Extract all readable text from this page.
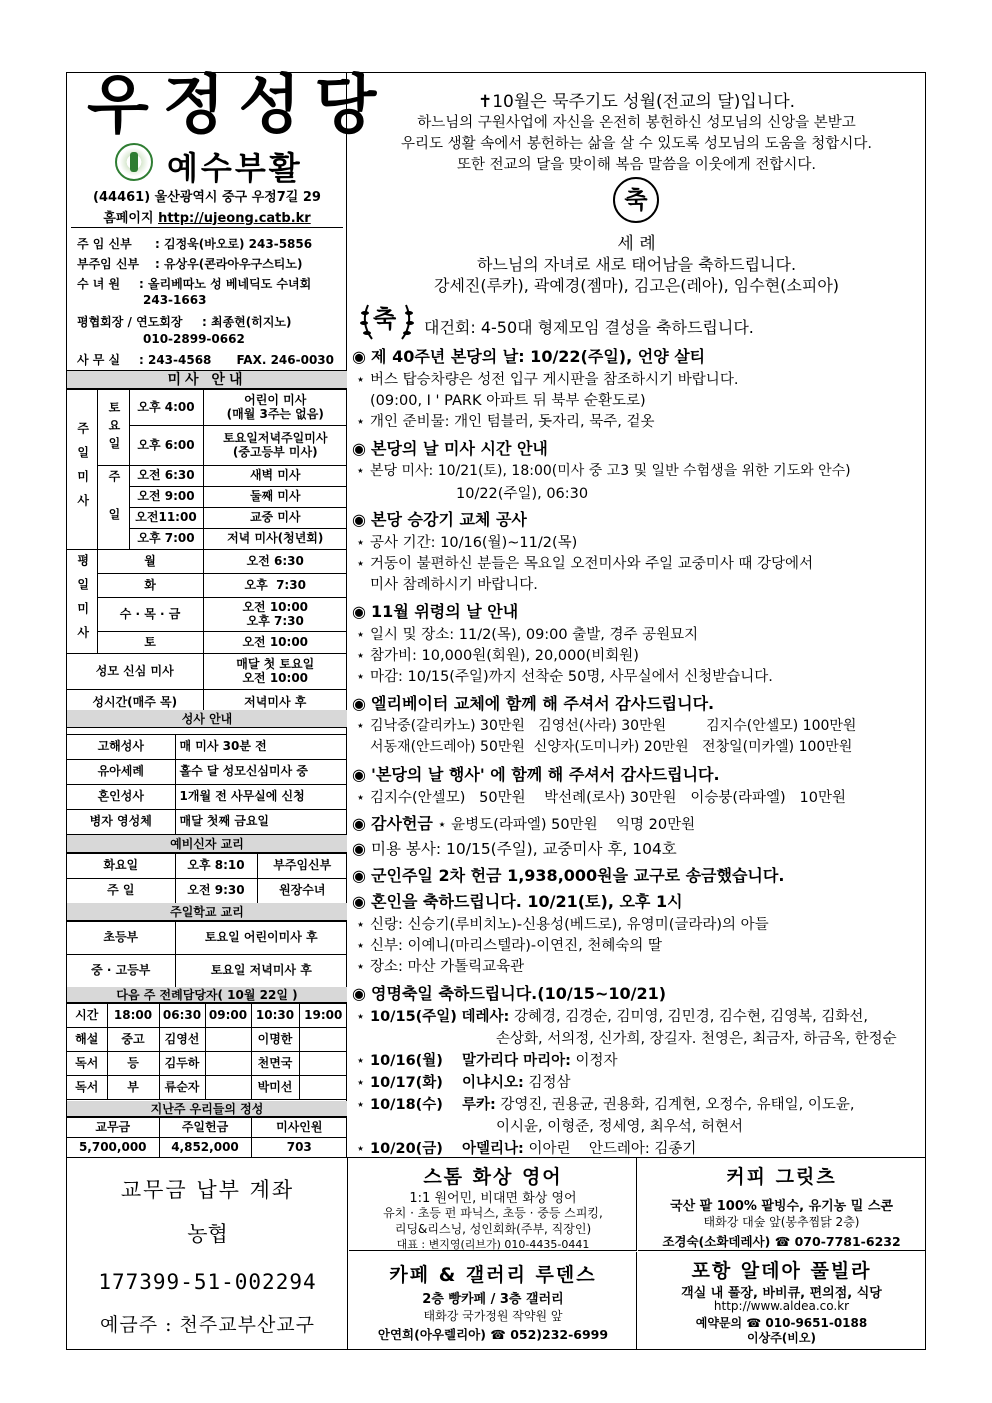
우정성당
예수부활
(44461) 울산광역시 중구 우정7길 29
홈페이지 http://ujeong.catb.kr
주 임 신부 : 김정욱(바오로) 243-5856
부주임 신부 : 유상우(콘라아우구스티노)
수 녀 원 : 올리베따노 성 베네딕도 수녀회
243-1663
평협회장 / 연도회장 : 최종현(히지노)
010-2899-0662
사 무 실 : 243-4568      FAX. 246-0030
미사 안내
주일미사	토요일	오후 4:00	어린이 미사
(매월 3주는 없음)
		오후 6:00	토요일저녁주일미사
(중고등부 미사)
	주일	오전 6:30	새벽 미사
		오전 9:00	둘째 미사
		오전11:00	교중 미사
		오후 7:00	저녁 미사(청년회)
평일미사	월		오전 6:30
	화		오후  7:30
	수 · 목 · 금		오전 10:00
오후 7:30
	토		오전 10:00
성모 신심 미사			매달 첫 토요일
오전 10:00
성시간(매주 목)			저녁미사 후
성사 안내
고해성사	매 미사 30분 전
유아세례	홀수 달 성모신심미사 중
혼인성사	1개월 전 사무실에 신청
병자 영성체	매달 첫째 금요일
예비신자 교리
화요일	오후 8:10	부주임신부
주 일	오전 9:30	원장수녀
주일학교 교리
초등부	토요일 어린이미사 후
중 · 고등부	토요일 저녁미사 후
다음 주 전례담당자( 10월 22일 )
시간	18:00	06:30	09:00	10:30	19:00
해설	중고	김영선		이명한	
독서	등	김두하		천면국	
독서	부	류순자		박미선	
지난주 우리들의 정성
교무금	주일헌금	미사인원
5,700,000	4,852,000	703
✝10월은 묵주기도 성월(전교의 달)입니다.
하느님의 구원사업에 자신을 온전히 봉헌하신 성모님의 신앙을 본받고
우리도 생활 속에서 봉헌하는 삶을 살 수 있도록 성모님의 도움을 청합시다.
또한 전교의 달을 맞이해 복음 말씀을 이웃에게 전합시다.
축
세 례
하느님의 자녀로 새로 태어남을 축하드립니다.
강세진(루카), 곽예경(젬마), 김고은(레아), 임수현(소피아)
축 대건회: 4-50대 형제모임 결성을 축하드립니다.
◉ 제 40주년 본당의 날: 10/22(주일), 언양 살티
⋆ 버스 탑승차량은 성전 입구 게시판을 참조하시기 바랍니다.
(09:00, I ' PARK 아파트 뒤 북부 순환도로)
⋆ 개인 준비물: 개인 텀블러, 돗자리, 묵주, 겉옷
◉ 본당의 날 미사 시간 안내
⋆ 본당 미사: 10/21(토), 18:00(미사 중 고3 및 일반 수험생을 위한 기도와 안수)
10/22(주일), 06:30
◉ 본당 승강기 교체 공사
⋆ 공사 기간: 10/16(월)~11/2(목)
⋆ 거동이 불편하신 분들은 목요일 오전미사와 주일 교중미사 때 강당에서
미사 참례하시기 바랍니다.
◉ 11월 위령의 날 안내
⋆ 일시 및 장소: 11/2(목), 09:00 출발, 경주 공원묘지
⋆ 참가비: 10,000원(회원), 20,000(비회원)
⋆ 마감: 10/15(주일)까지 선착순 50명, 사무실에서 신청받습니다.
◉ 엘리베이터 교체에 함께 해 주셔서 감사드립니다.
⋆ 김낙중(갈리카노) 30만원   김영선(사라) 30만원         김지수(안셀모) 100만원
서동재(안드레아) 50만원  신양자(도미니카) 20만원   전창일(미카엘) 100만원
◉ '본당의 날 행사' 에 함께 해 주셔서 감사드립니다.
⋆ 김지수(안셀모)   50만원    박선례(로사) 30만원   이승붕(라파엘)   10만원
◉ 감사헌금 ⋆ 윤병도(라파엘) 50만원    익명 20만원
◉ 미용 봉사: 10/15(주일), 교중미사 후, 104호
◉ 군인주일 2차 헌금 1,938,000원을 교구로 송금했습니다.
◉ 혼인을 축하드립니다. 10/21(토), 오후 1시
⋆ 신랑: 신승기(루비치노)-신용성(베드로), 유영미(글라라)의 아들
⋆ 신부: 이예니(마리스텔라)-이연진, 천혜숙의 딸
⋆ 장소: 마산 가톨릭교육관
◉ 영명축일 축하드립니다.(10/15~10/21)
⋆ 10/15(주일) 데레사: 강혜경, 김경순, 김미영, 김민경, 김수현, 김영복, 김화선,
손상화, 서의정, 신가희, 장길자. 천영은, 최금자, 하금옥, 한정순
⋆ 10/16(월) 말가리다 마리아: 이정자
⋆ 10/17(화) 이냐시오: 김정삼
⋆ 10/18(수) 루카: 강영진, 권용균, 권용화, 김계현, 오정수, 유태일, 이도윤,
이시윤, 이형준, 정세영, 최우석, 허현서
⋆ 10/20(금) 아델리나: 이아린    안드레아: 김종기
교무금 납부 계좌
농협
177399-51-002294
예금주 : 천주교부산교구
스톰 화상 영어
1:1 원어민, 비대면 화상 영어
유치 · 초등 펀 파닉스, 초등 · 중등 스피킹,
리딩&리스닝, 성인회화(주부, 직장인)
대표 : 변지영(리브가) 010-4435-0441
카페 & 갤러리 루덴스
2층 빵카페 / 3층 갤러리
태화강 국가정원 작약원 앞
안연희(아우렐리아) ☎ 052)232-6999
커피 그릿츠
국산 팥 100% 팥빙수, 유기농 밀 스콘
태화강 대숲 앞(봉추찜닭 2층)
조경숙(소화데레사) ☎ 070-7781-6232
포항 알데아 풀빌라
객실 내 풀장, 바비큐, 편의점, 식당
http://www.aldea.co.kr
예약문의 ☎ 010-9651-0188
이상주(비오)
